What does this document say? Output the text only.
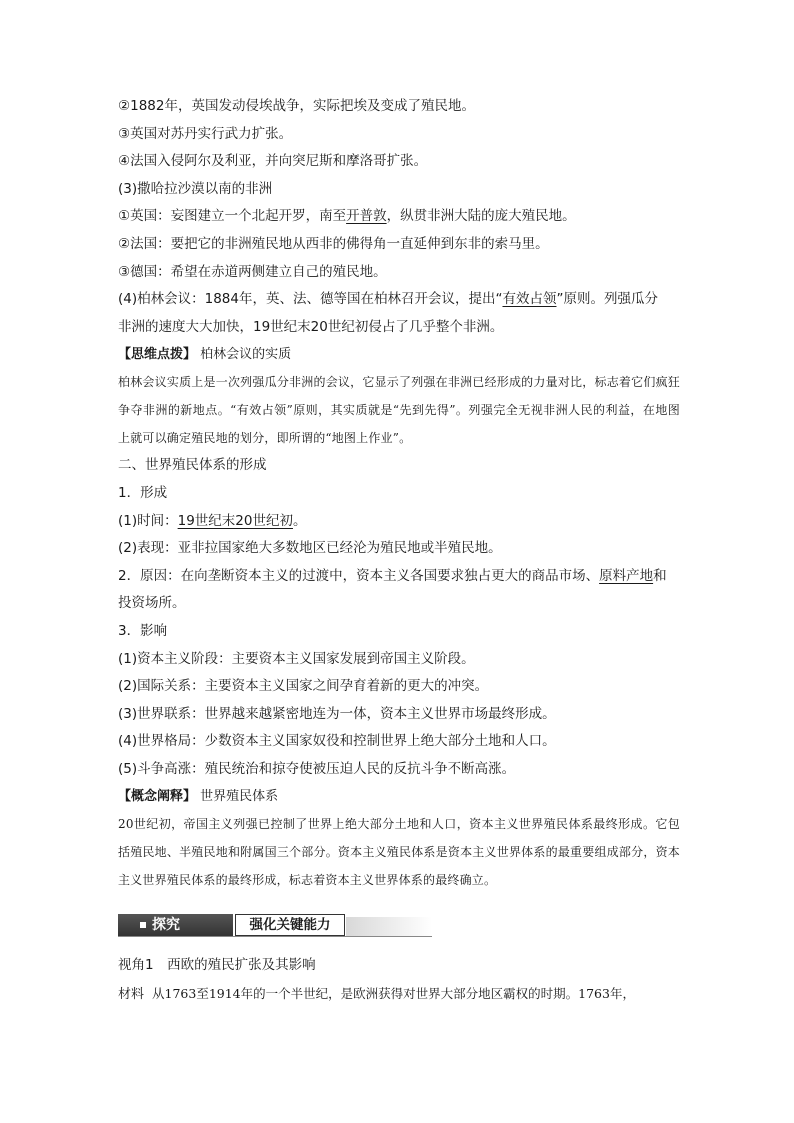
②1882年，英国发动侵埃战争，实际把埃及变成了殖民地。
③英国对苏丹实行武力扩张。
④法国入侵阿尔及利亚，并向突尼斯和摩洛哥扩张。
(3)撒哈拉沙漠以南的非洲
①英国：妄图建立一个北起开罗，南至开普敦，纵贯非洲大陆的庞大殖民地。
②法国：要把它的非洲殖民地从西非的佛得角一直延伸到东非的索马里。
③德国：希望在赤道两侧建立自己的殖民地。
(4)柏林会议：1884年，英、法、德等国在柏林召开会议，提出“有效占领”原则。列强瓜分
非洲的速度大大加快，19世纪末20世纪初侵占了几乎整个非洲。
【思维点拨】 柏林会议的实质
柏林会议实质上是一次列强瓜分非洲的会议，它显示了列强在非洲已经形成的力量对比，标志着它们疯狂争夺非洲的新地点。“有效占领”原则，其实质就是“先到先得”。列强完全无视非洲人民的利益，在地图上就可以确定殖民地的划分，即所谓的“地图上作业”。
二、世界殖民体系的形成
1．形成
(1)时间：19世纪末20世纪初。
(2)表现：亚非拉国家绝大多数地区已经沦为殖民地或半殖民地。
2．原因：在向垄断资本主义的过渡中，资本主义各国要求独占更大的商品市场、原料产地和
投资场所。
3．影响
(1)资本主义阶段：主要资本主义国家发展到帝国主义阶段。
(2)国际关系：主要资本主义国家之间孕育着新的更大的冲突。
(3)世界联系：世界越来越紧密地连为一体，资本主义世界市场最终形成。
(4)世界格局：少数资本主义国家奴役和控制世界上绝大部分土地和人口。
(5)斗争高涨：殖民统治和掠夺使被压迫人民的反抗斗争不断高涨。
【概念阐释】 世界殖民体系
20世纪初，帝国主义列强已控制了世界上绝大部分土地和人口，资本主义世界殖民体系最终形成。它包括殖民地、半殖民地和附属国三个部分。资本主义殖民体系是资本主义世界体系的最重要组成部分，资本主义世界殖民体系的最终形成，标志着资本主义世界体系的最终确立。
探究	强化关键能力
视角1　西欧的殖民扩张及其影响
材料 从1763至1914年的一个半世纪，是欧洲获得对世界大部分地区霸权的时期。1763年，
